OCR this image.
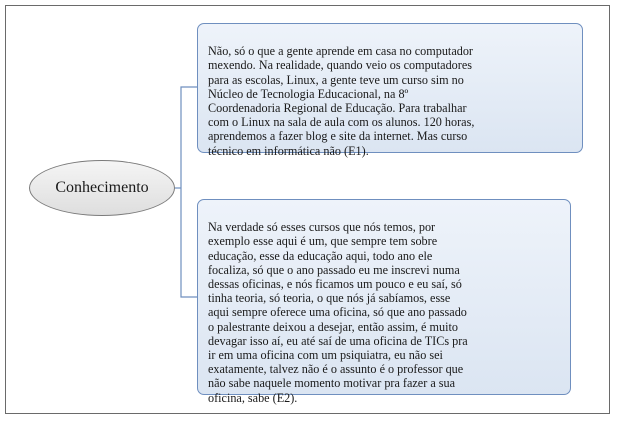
Conhecimento

Não, só o que a gente aprende em casa no computador
mexendo. Na realidade, quando veio os computadores
para as escolas, Linux, a gente teve um curso sim no
Núcleo de Tecnologia Educacional, na 8º
Coordenadoria Regional de Educação. Para trabalhar
com o Linux na sala de aula com os alunos. 120 horas,
aprendemos a fazer blog e site da internet. Mas curso
técnico em informática não (E1).

Na verdade só esses cursos que nós temos, por
exemplo esse aqui é um, que sempre tem sobre
educação, esse da educação aqui, todo ano ele
focaliza, só que o ano passado eu me inscrevi numa
dessas oficinas, e nós ficamos um pouco e eu saí, só
tinha teoria, só teoria, o que nós já sabíamos, esse
aqui sempre oferece uma oficina, só que ano passado
o palestrante deixou a desejar, então assim, é muito
devagar isso aí, eu até saí de uma oficina de TICs pra
ir em uma oficina com um psiquiatra, eu não sei
exatamente, talvez não é o assunto é o professor que
não sabe naquele momento motivar pra fazer a sua
oficina, sabe (E2).
